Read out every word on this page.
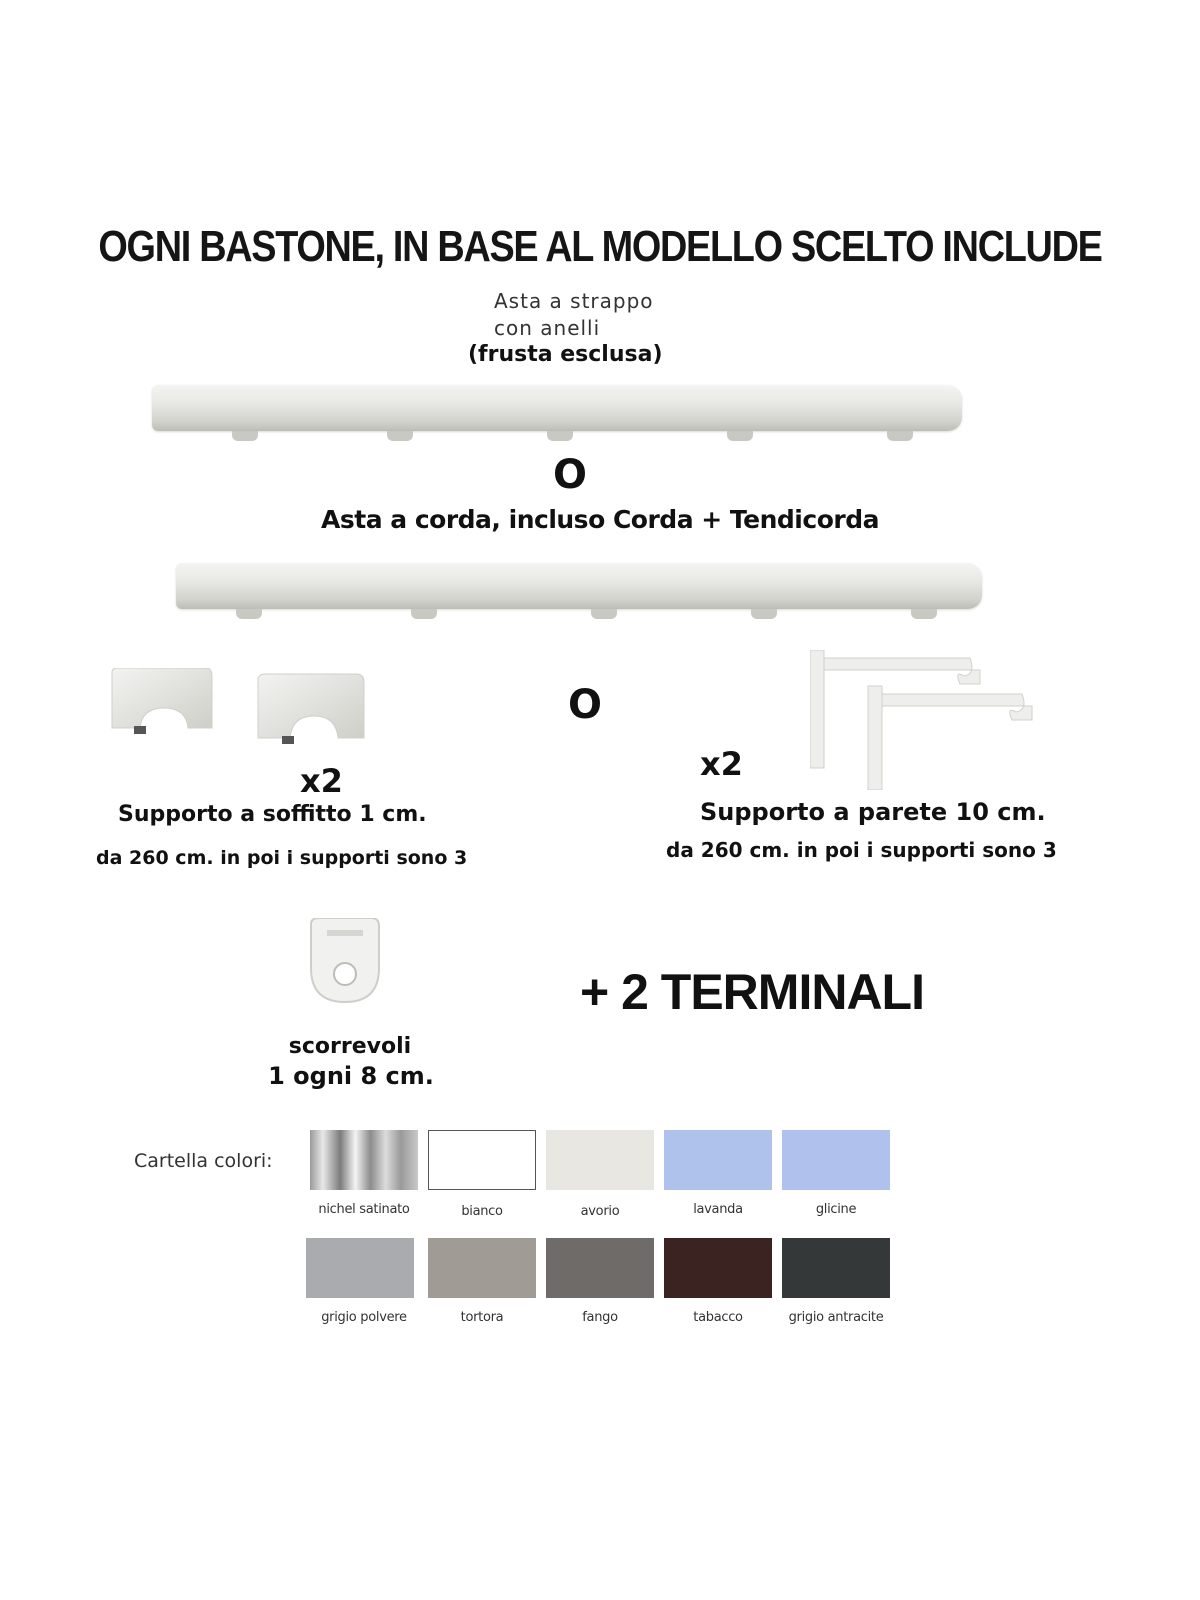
OGNI BASTONE, IN BASE AL MODELLO SCELTO INCLUDE
Asta a strappo
con anelli
(frusta esclusa)
O
Asta a corda, incluso Corda + Tendicorda
x2
Supporto a soffitto 1 cm.
da 260 cm. in poi i supporti sono 3
O
x2
Supporto a parete 10 cm.
da 260 cm. in poi i supporti sono 3
scorrevoli
1 ogni 8 cm.
+ 2 TERMINALI
Cartella colori:
nichel satinato	bianco	avorio	lavanda	glicine
grigio polvere	tortora	fango	tabacco	grigio antracite
